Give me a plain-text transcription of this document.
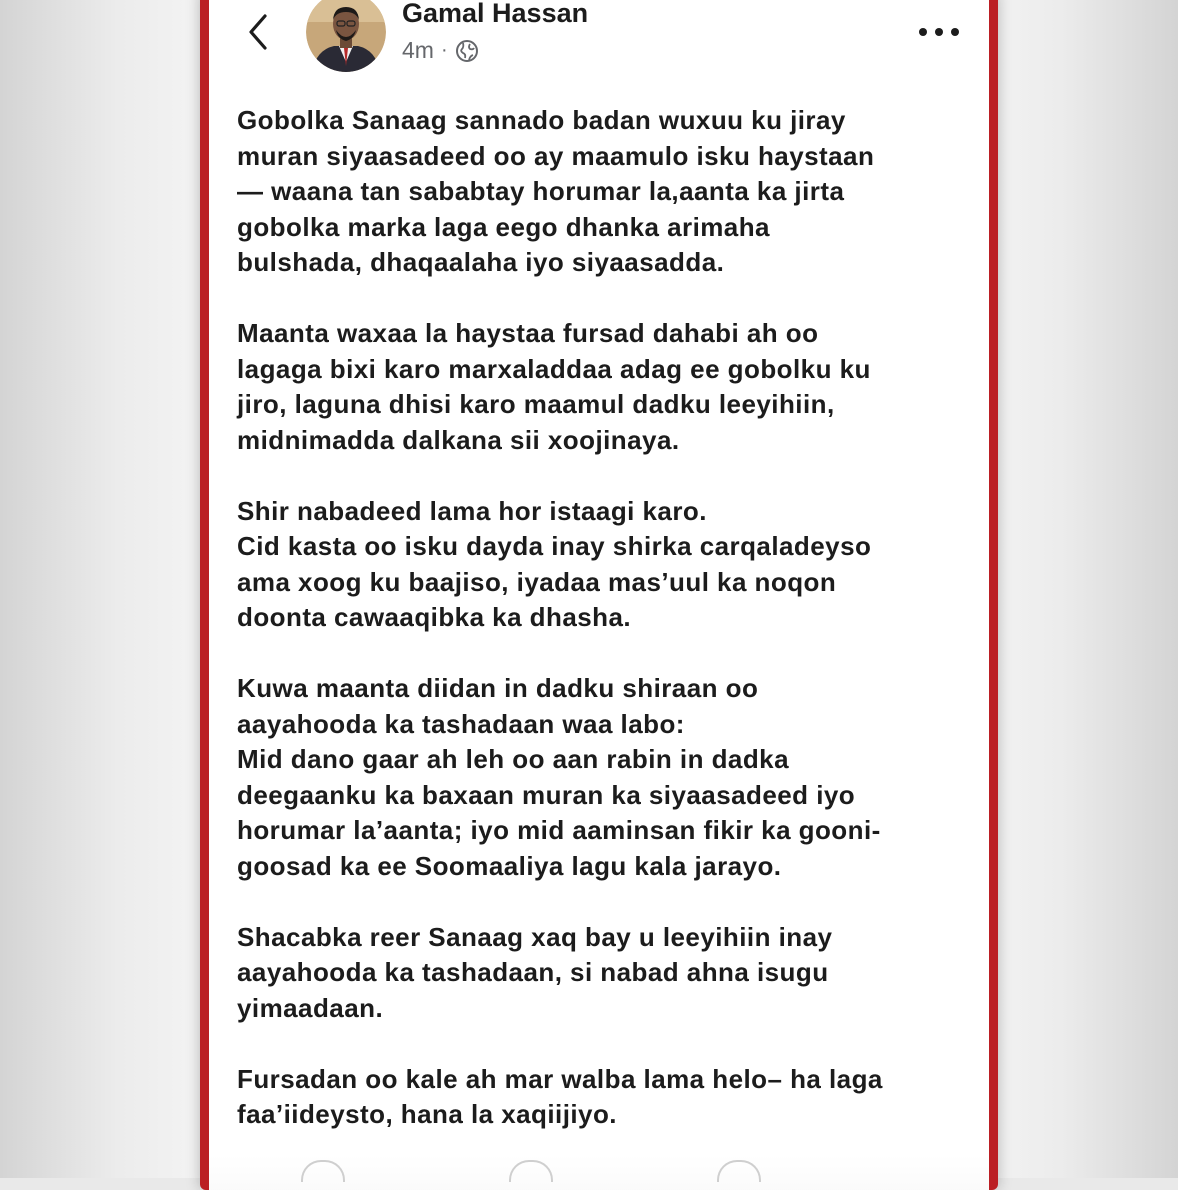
Gamal Hassan
4m ·

Gobolka Sanaag sannado badan wuxuu ku jiray
muran siyaasadeed oo ay maamulo isku haystaan
— waana tan sababtay horumar la,aanta ka jirta
gobolka marka laga eego dhanka arimaha
bulshada, dhaqaalaha iyo siyaasadda.

Maanta waxaa la haystaa fursad dahabi ah oo
lagaga bixi karo marxaladdaa adag ee gobolku ku
jiro, laguna dhisi karo maamul dadku leeyihiin,
midnimadda dalkana sii xoojinaya.

Shir nabadeed lama hor istaagi karo.
Cid kasta oo isku dayda inay shirka carqaladeyso
ama xoog ku baajiso, iyadaa mas’uul ka noqon
doonta cawaaqibka ka dhasha.

Kuwa maanta diidan in dadku shiraan oo
aayahooda ka tashadaan waa labo:
Mid dano gaar ah leh oo aan rabin in dadka
deegaanku ka baxaan muran ka siyaasadeed iyo
horumar la’aanta; iyo mid aaminsan fikir ka gooni-
goosad ka ee Soomaaliya lagu kala jarayo.

Shacabka reer Sanaag xaq bay u leeyihiin inay
aayahooda ka tashadaan, si nabad ahna isugu
yimaadaan.

Fursadan oo kale ah mar walba lama helo– ha laga
faa’iideysto, hana la xaqiijiyo.
